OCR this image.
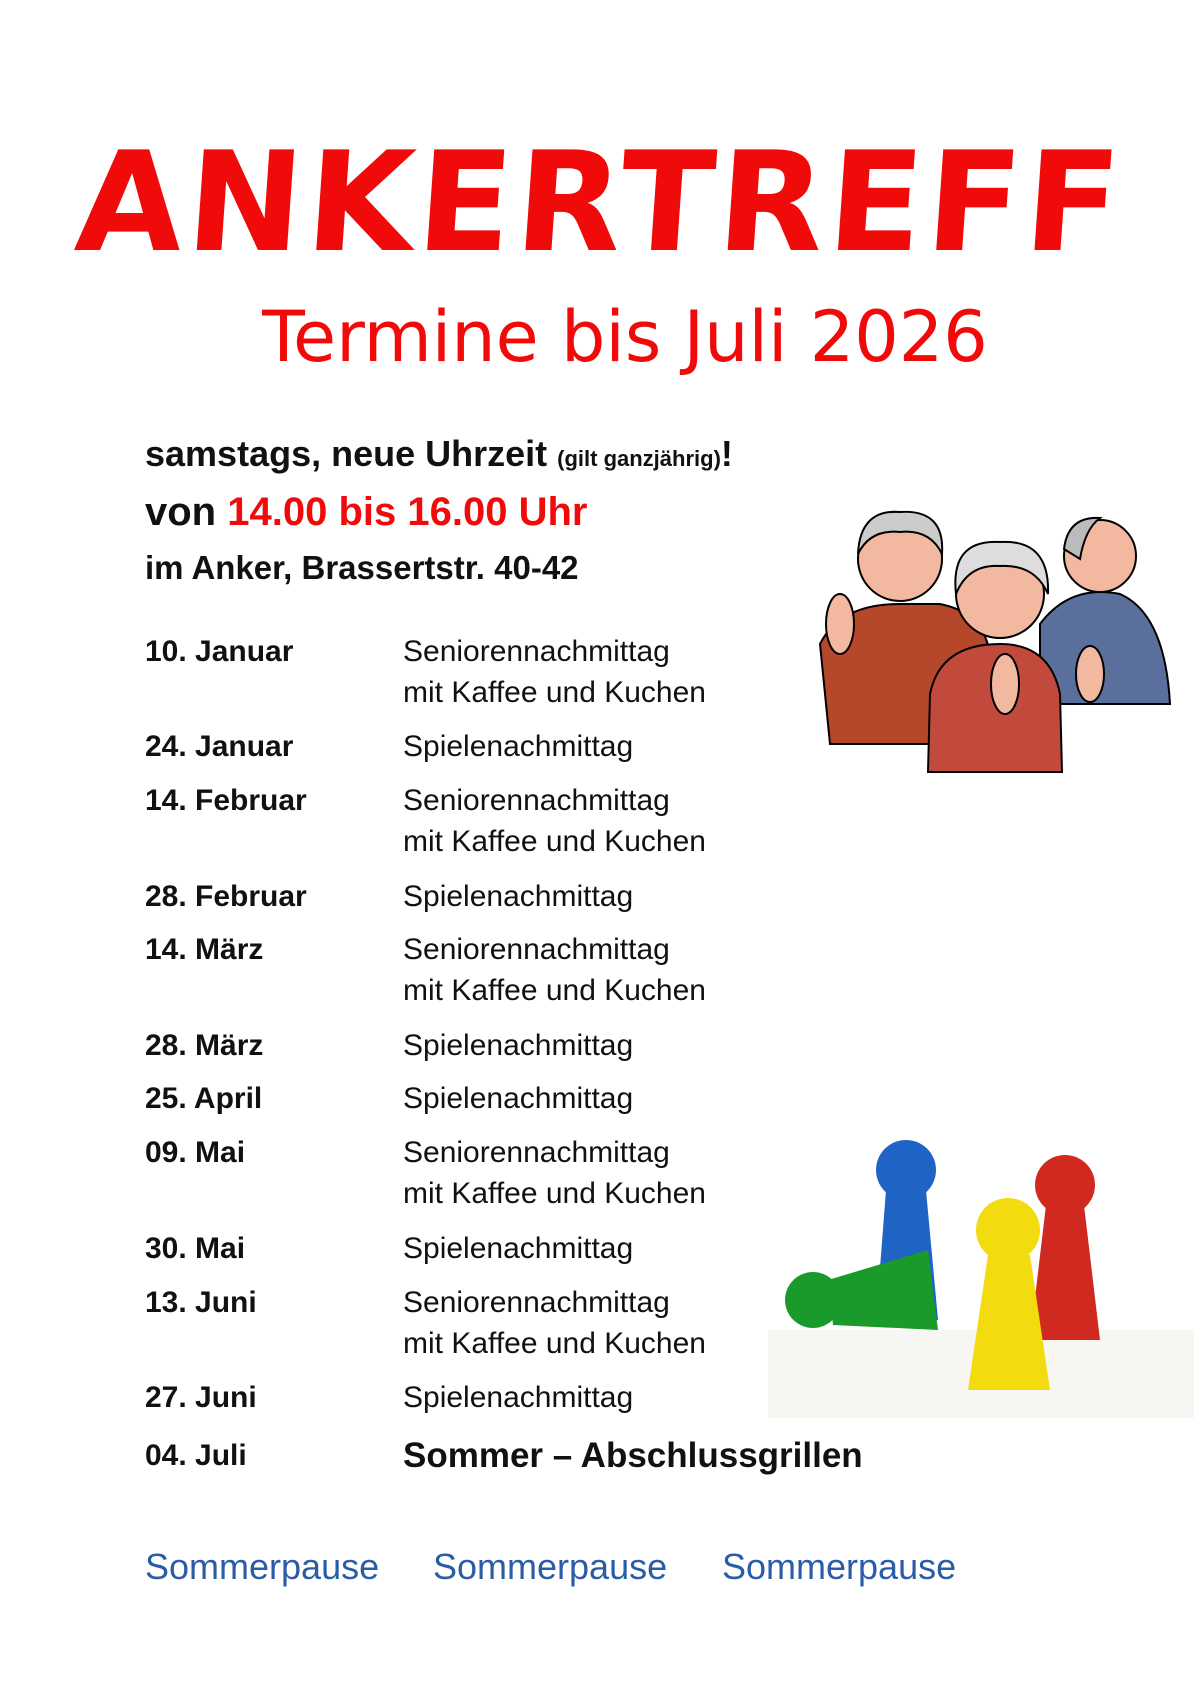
ANKERTREFF
Termine bis Juli 2026
samstags, neue Uhrzeit (gilt ganzjährig)!
von 14.00 bis 16.00 Uhr
im Anker, Brassertstr. 40-42
10. Januar	Seniorennachmittag
mit Kaffee und Kuchen
24. Januar	Spielenachmittag
14. Februar	Seniorennachmittag
mit Kaffee und Kuchen
28. Februar	Spielenachmittag
14. März	Seniorennachmittag
mit Kaffee und Kuchen
28. März	Spielenachmittag
25. April	Spielenachmittag
09. Mai	Seniorennachmittag
mit Kaffee und Kuchen
30. Mai	Spielenachmittag
13. Juni	Seniorennachmittag
mit Kaffee und Kuchen
27. Juni	Spielenachmittag
04. Juli	Sommer – Abschlussgrillen
Sommerpause Sommerpause Sommerpause
